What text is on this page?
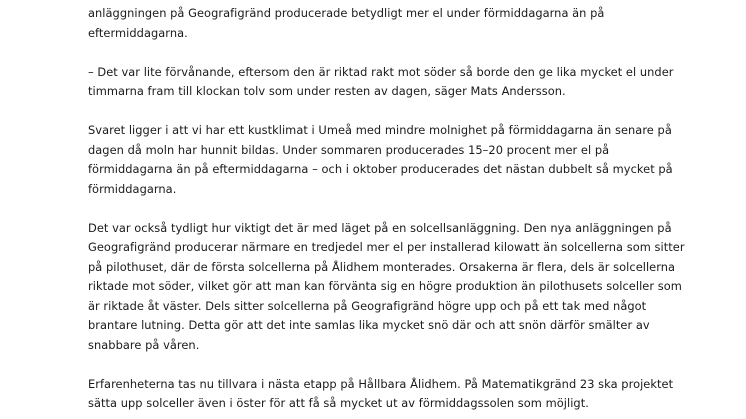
anläggningen på Geografigränd producerade betydligt mer el under förmiddagarna än på
eftermiddagarna.
– Det var lite förvånande, eftersom den är riktad rakt mot söder så borde den ge lika mycket el under
timmarna fram till klockan tolv som under resten av dagen, säger Mats Andersson.
Svaret ligger i att vi har ett kustklimat i Umeå med mindre molnighet på förmiddagarna än senare på
dagen då moln har hunnit bildas. Under sommaren producerades 15–20 procent mer el på
förmiddagarna än på eftermiddagarna – och i oktober producerades det nästan dubbelt så mycket på
förmiddagarna.
Det var också tydligt hur viktigt det är med läget på en solcellsanläggning. Den nya anläggningen på
Geografigränd producerar närmare en tredjedel mer el per installerad kilowatt än solcellerna som sitter
på pilothuset, där de första solcellerna på Ålidhem monterades. Orsakerna är flera, dels är solcellerna
riktade mot söder, vilket gör att man kan förvänta sig en högre produktion än pilothusets solceller som
är riktade åt väster. Dels sitter solcellerna på Geografigränd högre upp och på ett tak med något
brantare lutning. Detta gör att det inte samlas lika mycket snö där och att snön därför smälter av
snabbare på våren.
Erfarenheterna tas nu tillvara i nästa etapp på Hållbara Ålidhem. På Matematikgränd 23 ska projektet
sätta upp solceller även i öster för att få så mycket ut av förmiddagssolen som möjligt.
